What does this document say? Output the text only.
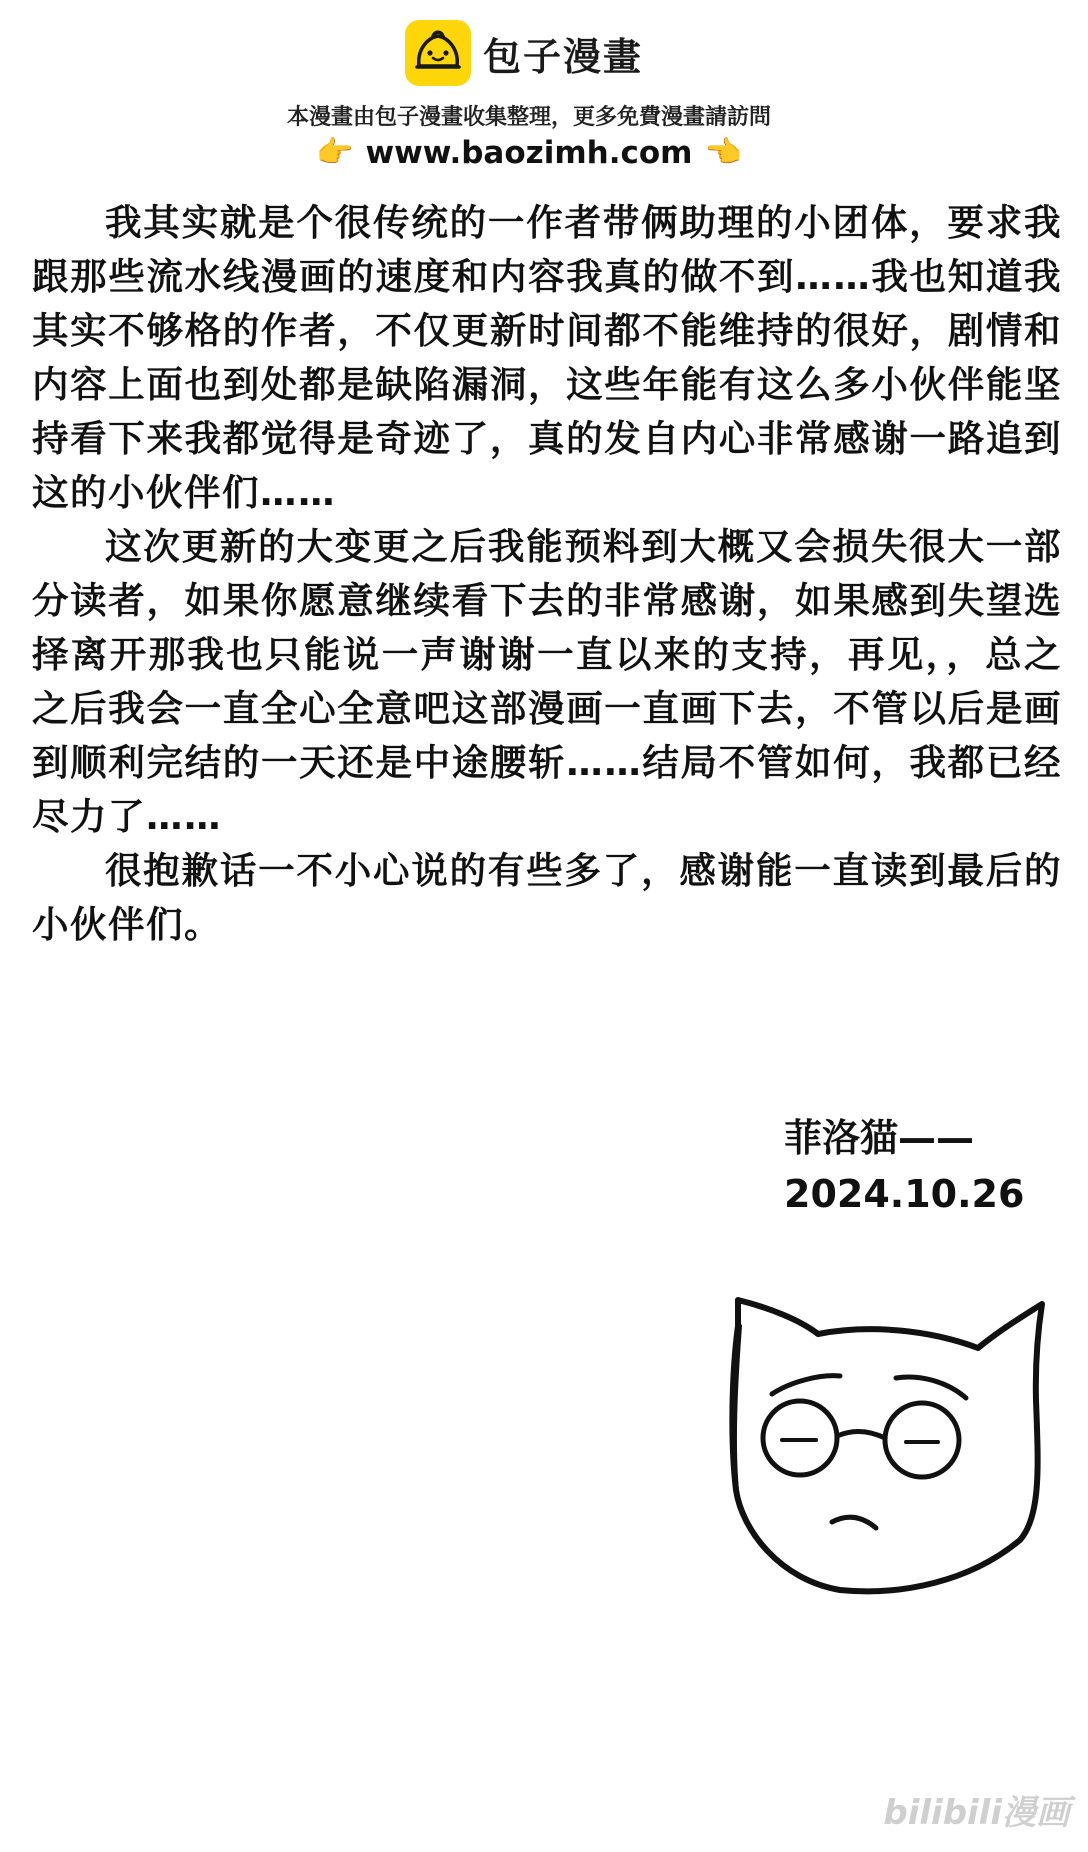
包子漫畫
本漫畫由包子漫畫收集整理，更多免費漫畫請訪問
👉 www.baozimh.com 👈

我其实就是个很传统的一作者带俩助理的小团体，要求我跟那些流水线漫画的速度和内容我真的做不到……我也知道我其实不够格的作者，不仅更新时间都不能维持的很好，剧情和内容上面也到处都是缺陷漏洞，这些年能有这么多小伙伴能坚持看下来我都觉得是奇迹了，真的发自内心非常感谢一路追到这的小伙伴们……

这次更新的大变更之后我能预料到大概又会损失很大一部分读者，如果你愿意继续看下去的非常感谢，如果感到失望选择离开那我也只能说一声谢谢一直以来的支持，再见，，总之之后我会一直全心全意吧这部漫画一直画下去，不管以后是画到顺利完结的一天还是中途腰斩……结局不管如何，我都已经尽力了……

很抱歉话一不小心说的有些多了，感谢能一直读到最后的小伙伴们。

菲洛猫——
2024.10.26
bilibili漫画
